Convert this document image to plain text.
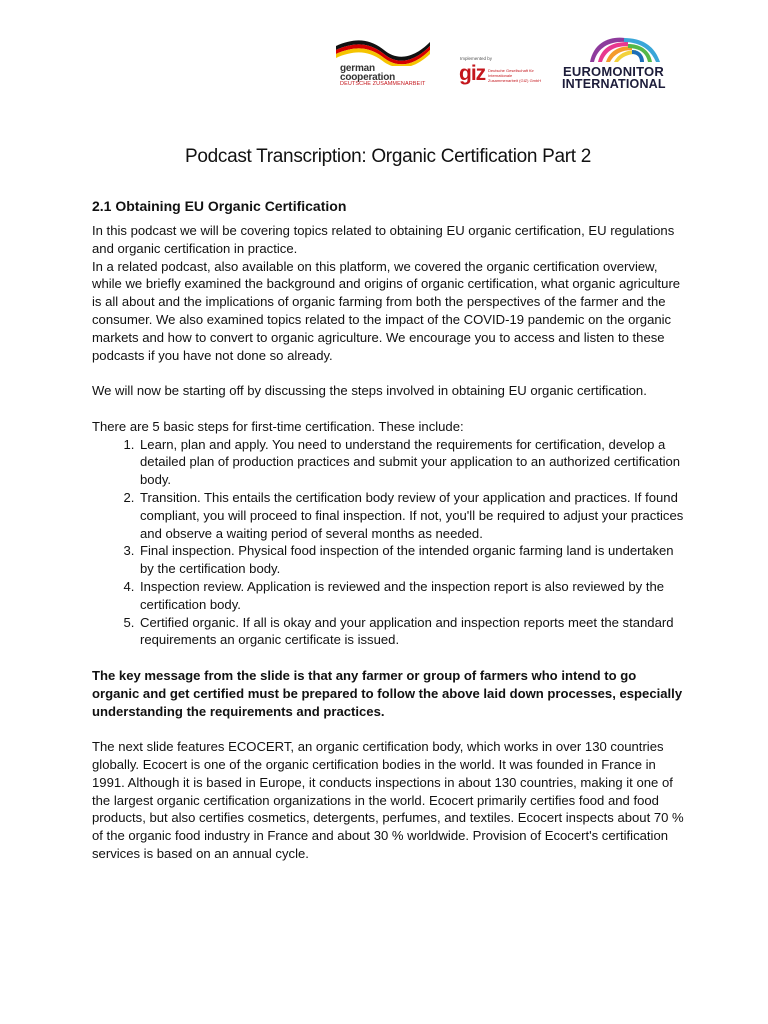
german
cooperation
DEUTSCHE ZUSAMMENARBEIT
Implemented by
giz Deutsche Gesellschaft für Internationale Zusammenarbeit (GIZ) GmbH
EUROMONITOR
INTERNATIONAL
Podcast Transcription: Organic Certification Part 2
2.1 Obtaining EU Organic Certification

In this podcast we will be covering topics related to obtaining EU organic certification, EU regulations and organic certification in practice.

In a related podcast, also available on this platform, we covered the organic certification overview, while we briefly examined the background and origins of organic certification, what organic agriculture is all about and the implications of organic farming from both the perspectives of the farmer and the consumer. We also examined topics related to the impact of the COVID-19 pandemic on the organic markets and how to convert to organic agriculture. We encourage you to access and listen to these podcasts if you have not done so already.

We will now be starting off by discussing the steps involved in obtaining EU organic certification.

There are 5 basic steps for first-time certification. These include:

1. Learn, plan and apply. You need to understand the requirements for certification, develop a detailed plan of production practices and submit your application to an authorized certification body.
2. Transition. This entails the certification body review of your application and practices. If found compliant, you will proceed to final inspection. If not, you'll be required to adjust your practices and observe a waiting period of several months as needed.
3. Final inspection. Physical food inspection of the intended organic farming land is undertaken by the certification body.
4. Inspection review. Application is reviewed and the inspection report is also reviewed by the certification body.
5. Certified organic. If all is okay and your application and inspection reports meet the standard requirements an organic certificate is issued.

The key message from the slide is that any farmer or group of farmers who intend to go organic and get certified must be prepared to follow the above laid down processes, especially understanding the requirements and practices.

The next slide features ECOCERT, an organic certification body, which works in over 130 countries globally. Ecocert is one of the organic certification bodies in the world. It was founded in France in 1991. Although it is based in Europe, it conducts inspections in about 130 countries, making it one of the largest organic certification organizations in the world. Ecocert primarily certifies food and food products, but also certifies cosmetics, detergents, perfumes, and textiles. Ecocert inspects about 70 % of the organic food industry in France and about 30 % worldwide. Provision of Ecocert's certification services is based on an annual cycle.
